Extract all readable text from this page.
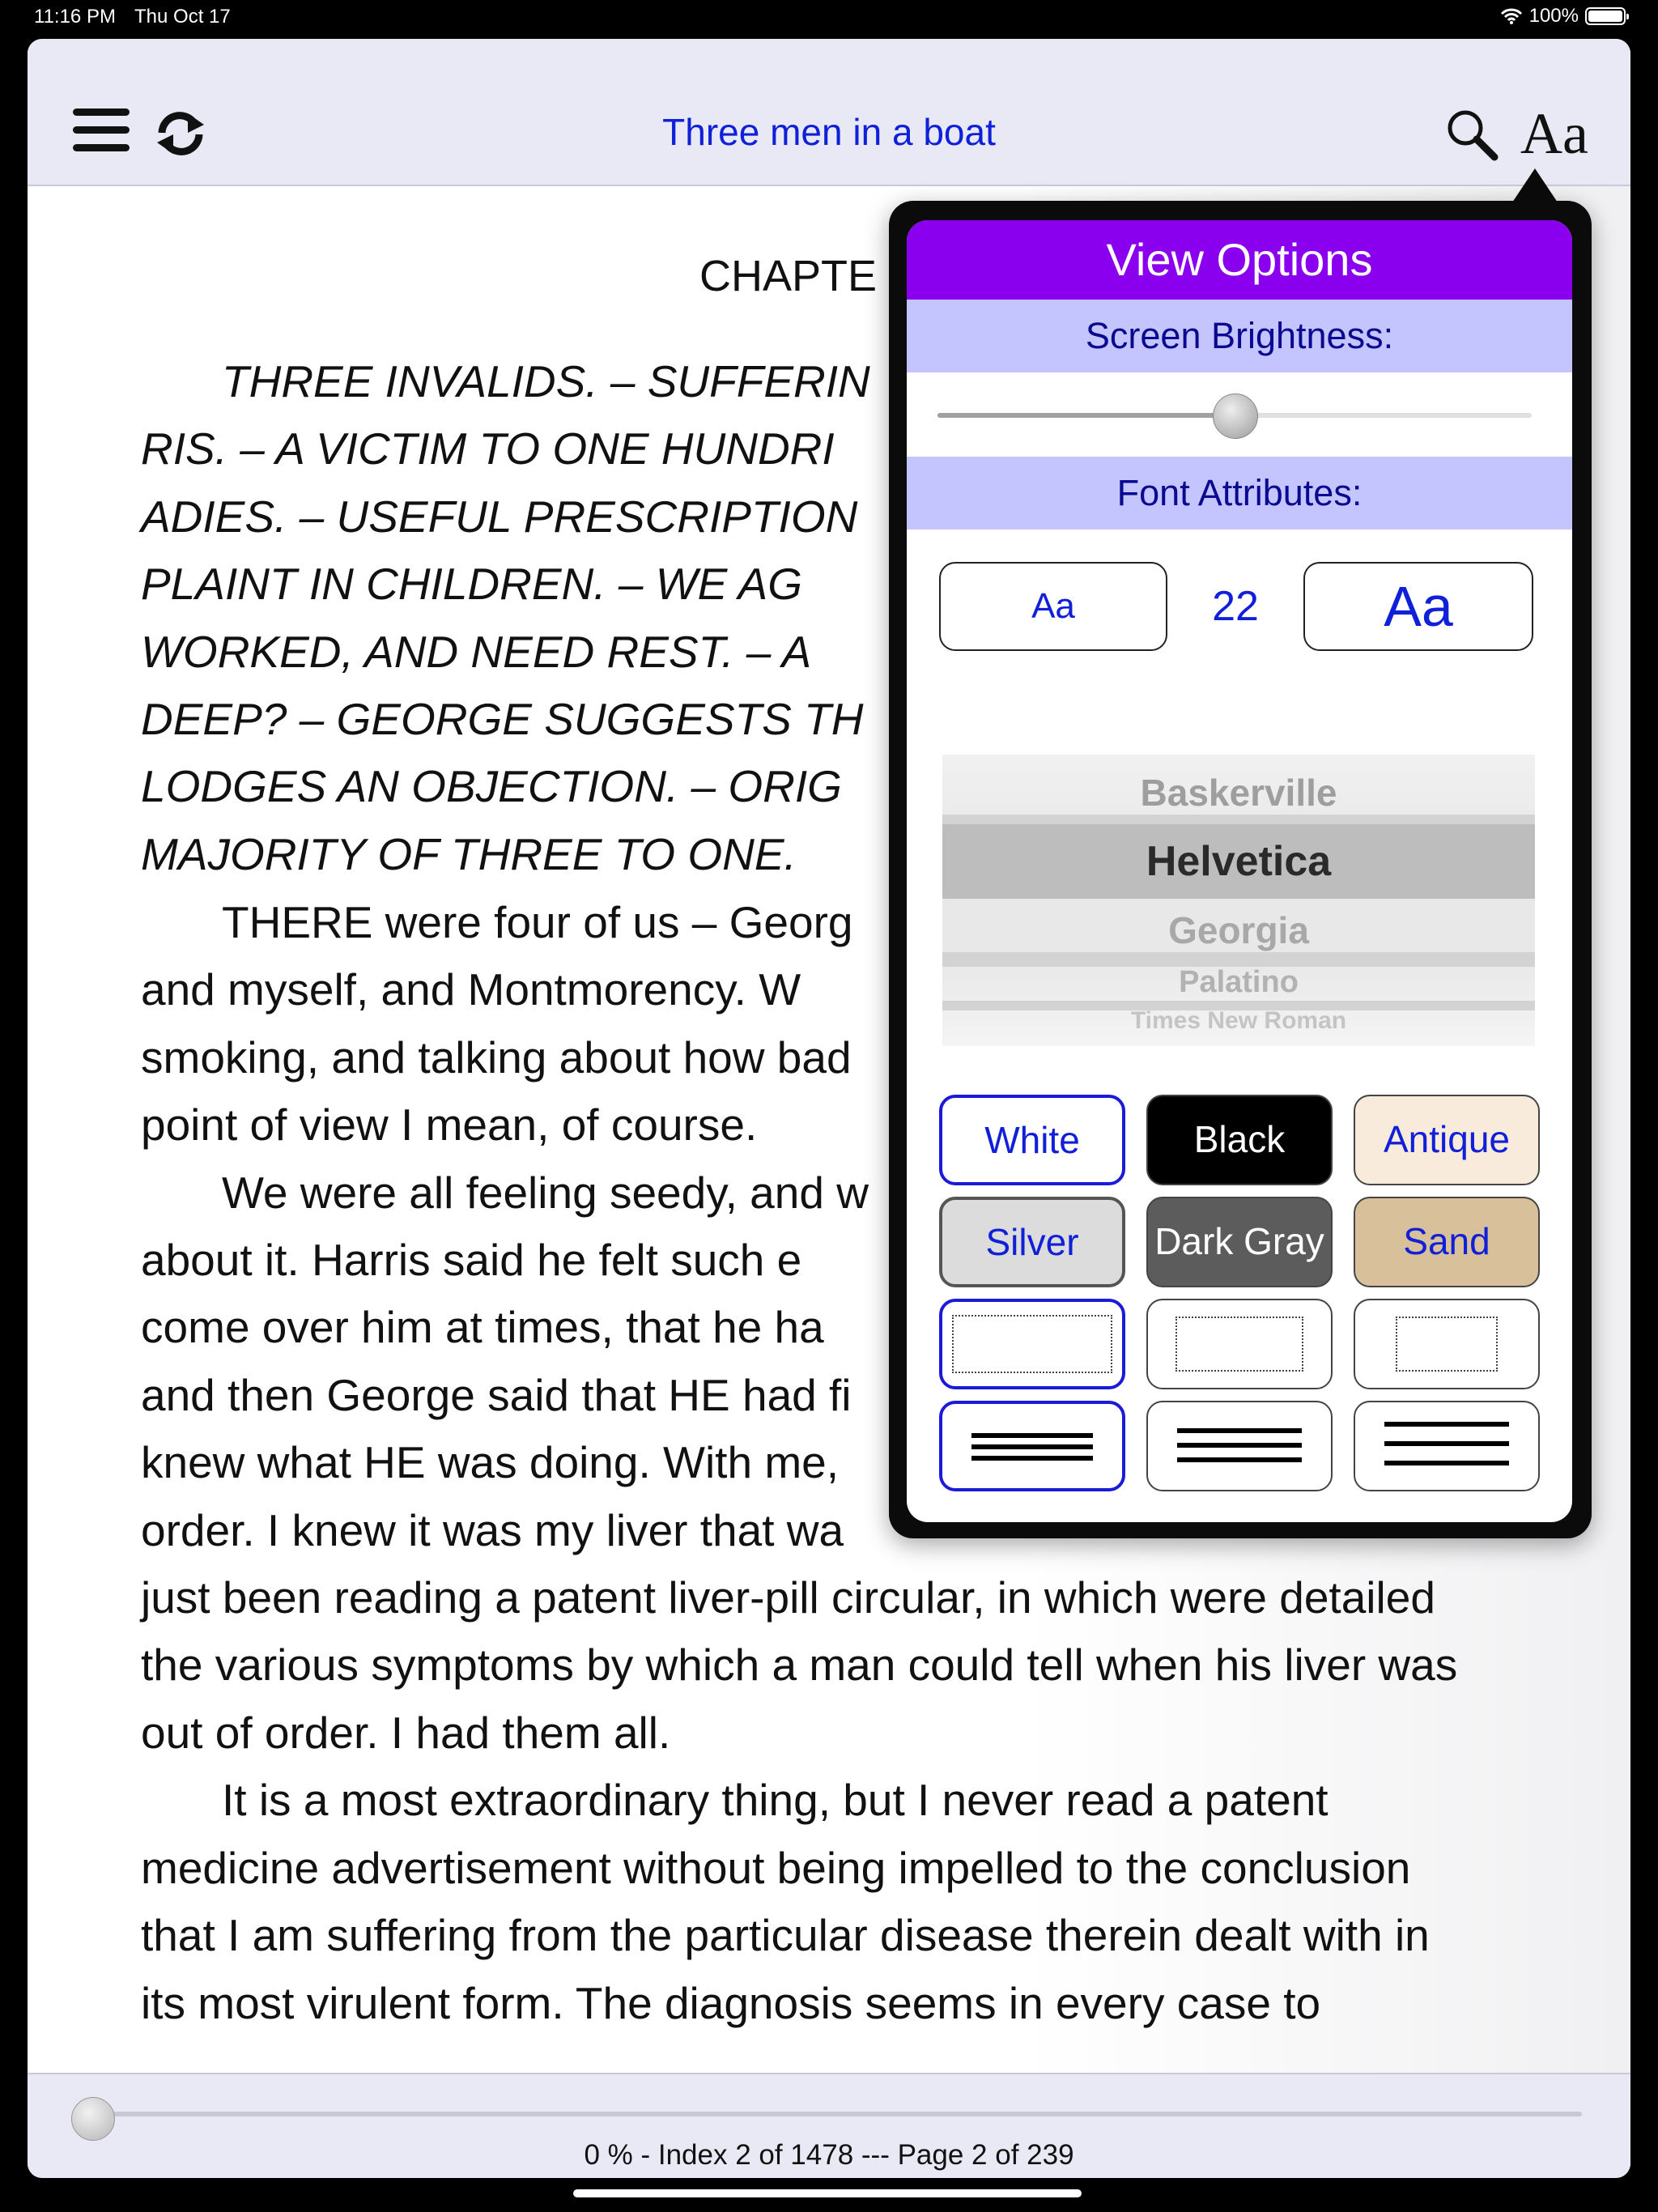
11:16 PM Thu Oct 17	100%
Three men in a boat	Aa
CHAPTE

THREE INVALIDS. – SUFFERIN

RIS. – A VICTIM TO ONE HUNDRI
ADIES. – USEFUL PRESCRIPTION
PLAINT IN CHILDREN. – WE AG
WORKED, AND NEED REST. – A
DEEP? – GEORGE SUGGESTS TH
LODGES AN OBJECTION. – ORIG
MAJORITY OF THREE TO ONE.

THERE were four of us – Georg

and myself, and Montmorency. W
smoking, and talking about how bad
point of view I mean, of course.

We were all feeling seedy, and w

about it. Harris said he felt such e
come over him at times, that he ha
and then George said that HE had fi
knew what HE was doing. With me,
order. I knew it was my liver that wa
just been reading a patent liver-pill circular, in which were detailed
the various symptoms by which a man could tell when his liver was
out of order. I had them all.

It is a most extraordinary thing, but I never read a patent

medicine advertisement without being impelled to the conclusion
that I am suffering from the particular disease therein dealt with in
its most virulent form. The diagnosis seems in every case to
0 % - Index 2 of 1478 --- Page 2 of 239
View Options
Screen Brightness:
Font Attributes:
Aa	22	Aa
Baskerville
Helvetica
Georgia
Palatino
Times New Roman
White	Black	Antique
Silver	Dark Gray	Sand
